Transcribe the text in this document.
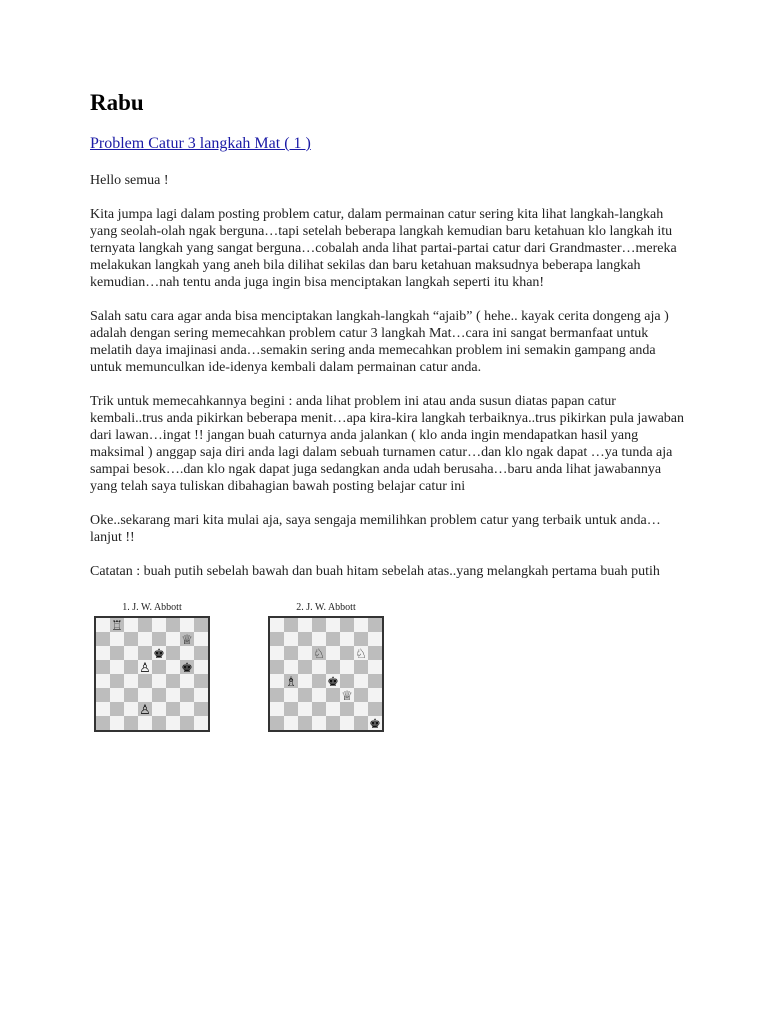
Rabu
Problem Catur 3 langkah Mat ( 1 )

Hello semua !

Kita jumpa lagi dalam posting problem catur, dalam permainan catur sering kita lihat langkah-langkah yang seolah-olah ngak berguna…tapi setelah beberapa langkah kemudian baru ketahuan klo langkah itu ternyata langkah yang sangat berguna…cobalah anda lihat partai-partai catur dari Grandmaster…mereka melakukan langkah yang aneh bila dilihat sekilas dan baru ketahuan maksudnya beberapa langkah kemudian…nah tentu anda juga ingin bisa menciptakan langkah seperti itu khan!

Salah satu cara agar anda bisa menciptakan langkah-langkah “ajaib” ( hehe.. kayak cerita dongeng aja ) adalah dengan sering memecahkan problem catur 3 langkah Mat…cara ini sangat bermanfaat untuk melatih daya imajinasi anda…semakin sering anda memecahkan problem ini semakin gampang anda untuk memunculkan ide-idenya kembali dalam permainan catur anda.

Trik untuk memecahkannya begini : anda lihat problem ini atau anda susun diatas papan catur kembali..trus anda pikirkan beberapa menit…apa kira-kira langkah terbaiknya..trus pikirkan pula jawaban dari lawan…ingat !! jangan buah caturnya anda jalankan ( klo anda ingin mendapatkan hasil yang maksimal ) anggap saja diri anda lagi dalam sebuah turnamen catur…dan klo ngak dapat …ya tunda aja sampai besok….dan klo ngak dapat juga sedangkan anda udah berusaha…baru anda lihat jawabannya yang telah saya tuliskan dibahagian bawah posting belajar catur ini

Oke..sekarang mari kita mulai aja, saya sengaja memilihkan problem catur yang terbaik untuk anda…lanjut !!

Catatan : buah putih sebelah bawah dan buah hitam sebelah atas..yang melangkah pertama buah putih

1. J. W. Abbott
♖
♕
♚
♙ ♚
♙
2. J. W. Abbott
♘ ♘
♗ ♚
♕
♚
